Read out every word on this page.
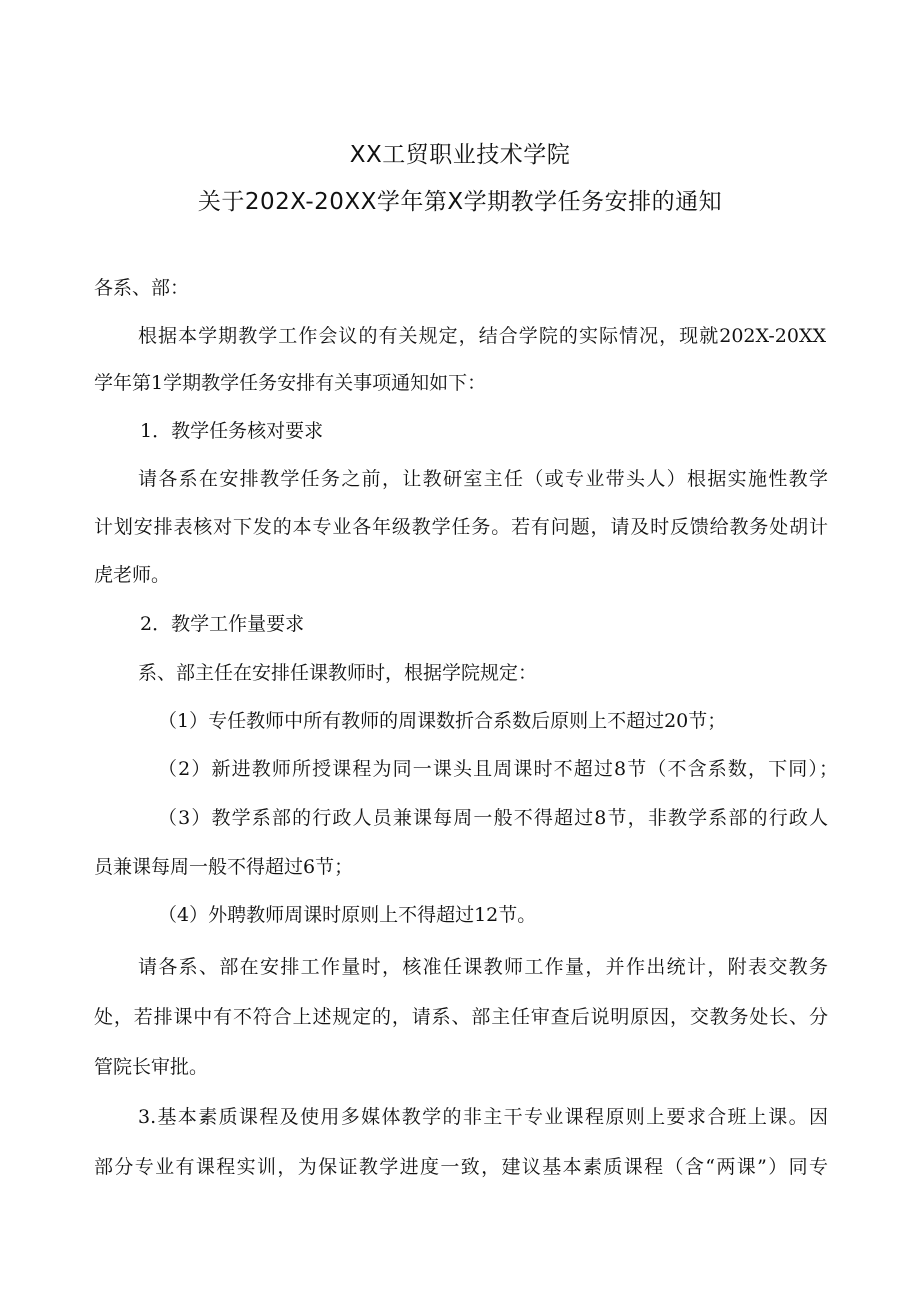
XX工贸职业技术学院
关于202X-20XX学年第X学期教学任务安排的通知
各系、部：
根据本学期教学工作会议的有关规定，结合学院的实际情况，现就202X-20XX
学年第1学期教学任务安排有关事项通知如下：
1．教学任务核对要求
请各系在安排教学任务之前，让教研室主任（或专业带头人）根据实施性教学
计划安排表核对下发的本专业各年级教学任务。若有问题，请及时反馈给教务处胡计
虎老师。
2．教学工作量要求
系、部主任在安排任课教师时，根据学院规定：
（1）专任教师中所有教师的周课数折合系数后原则上不超过20节；
（2）新进教师所授课程为同一课头且周课时不超过8节（不含系数，下同）；
（3）教学系部的行政人员兼课每周一般不得超过8节，非教学系部的行政人
员兼课每周一般不得超过6节；
（4）外聘教师周课时原则上不得超过12节。
请各系、部在安排工作量时，核准任课教师工作量，并作出统计，附表交教务
处，若排课中有不符合上述规定的，请系、部主任审查后说明原因，交教务处长、分
管院长审批。
3.基本素质课程及使用多媒体教学的非主干专业课程原则上要求合班上课。因
部分专业有课程实训，为保证教学进度一致，建议基本素质课程（含“两课”）同专
